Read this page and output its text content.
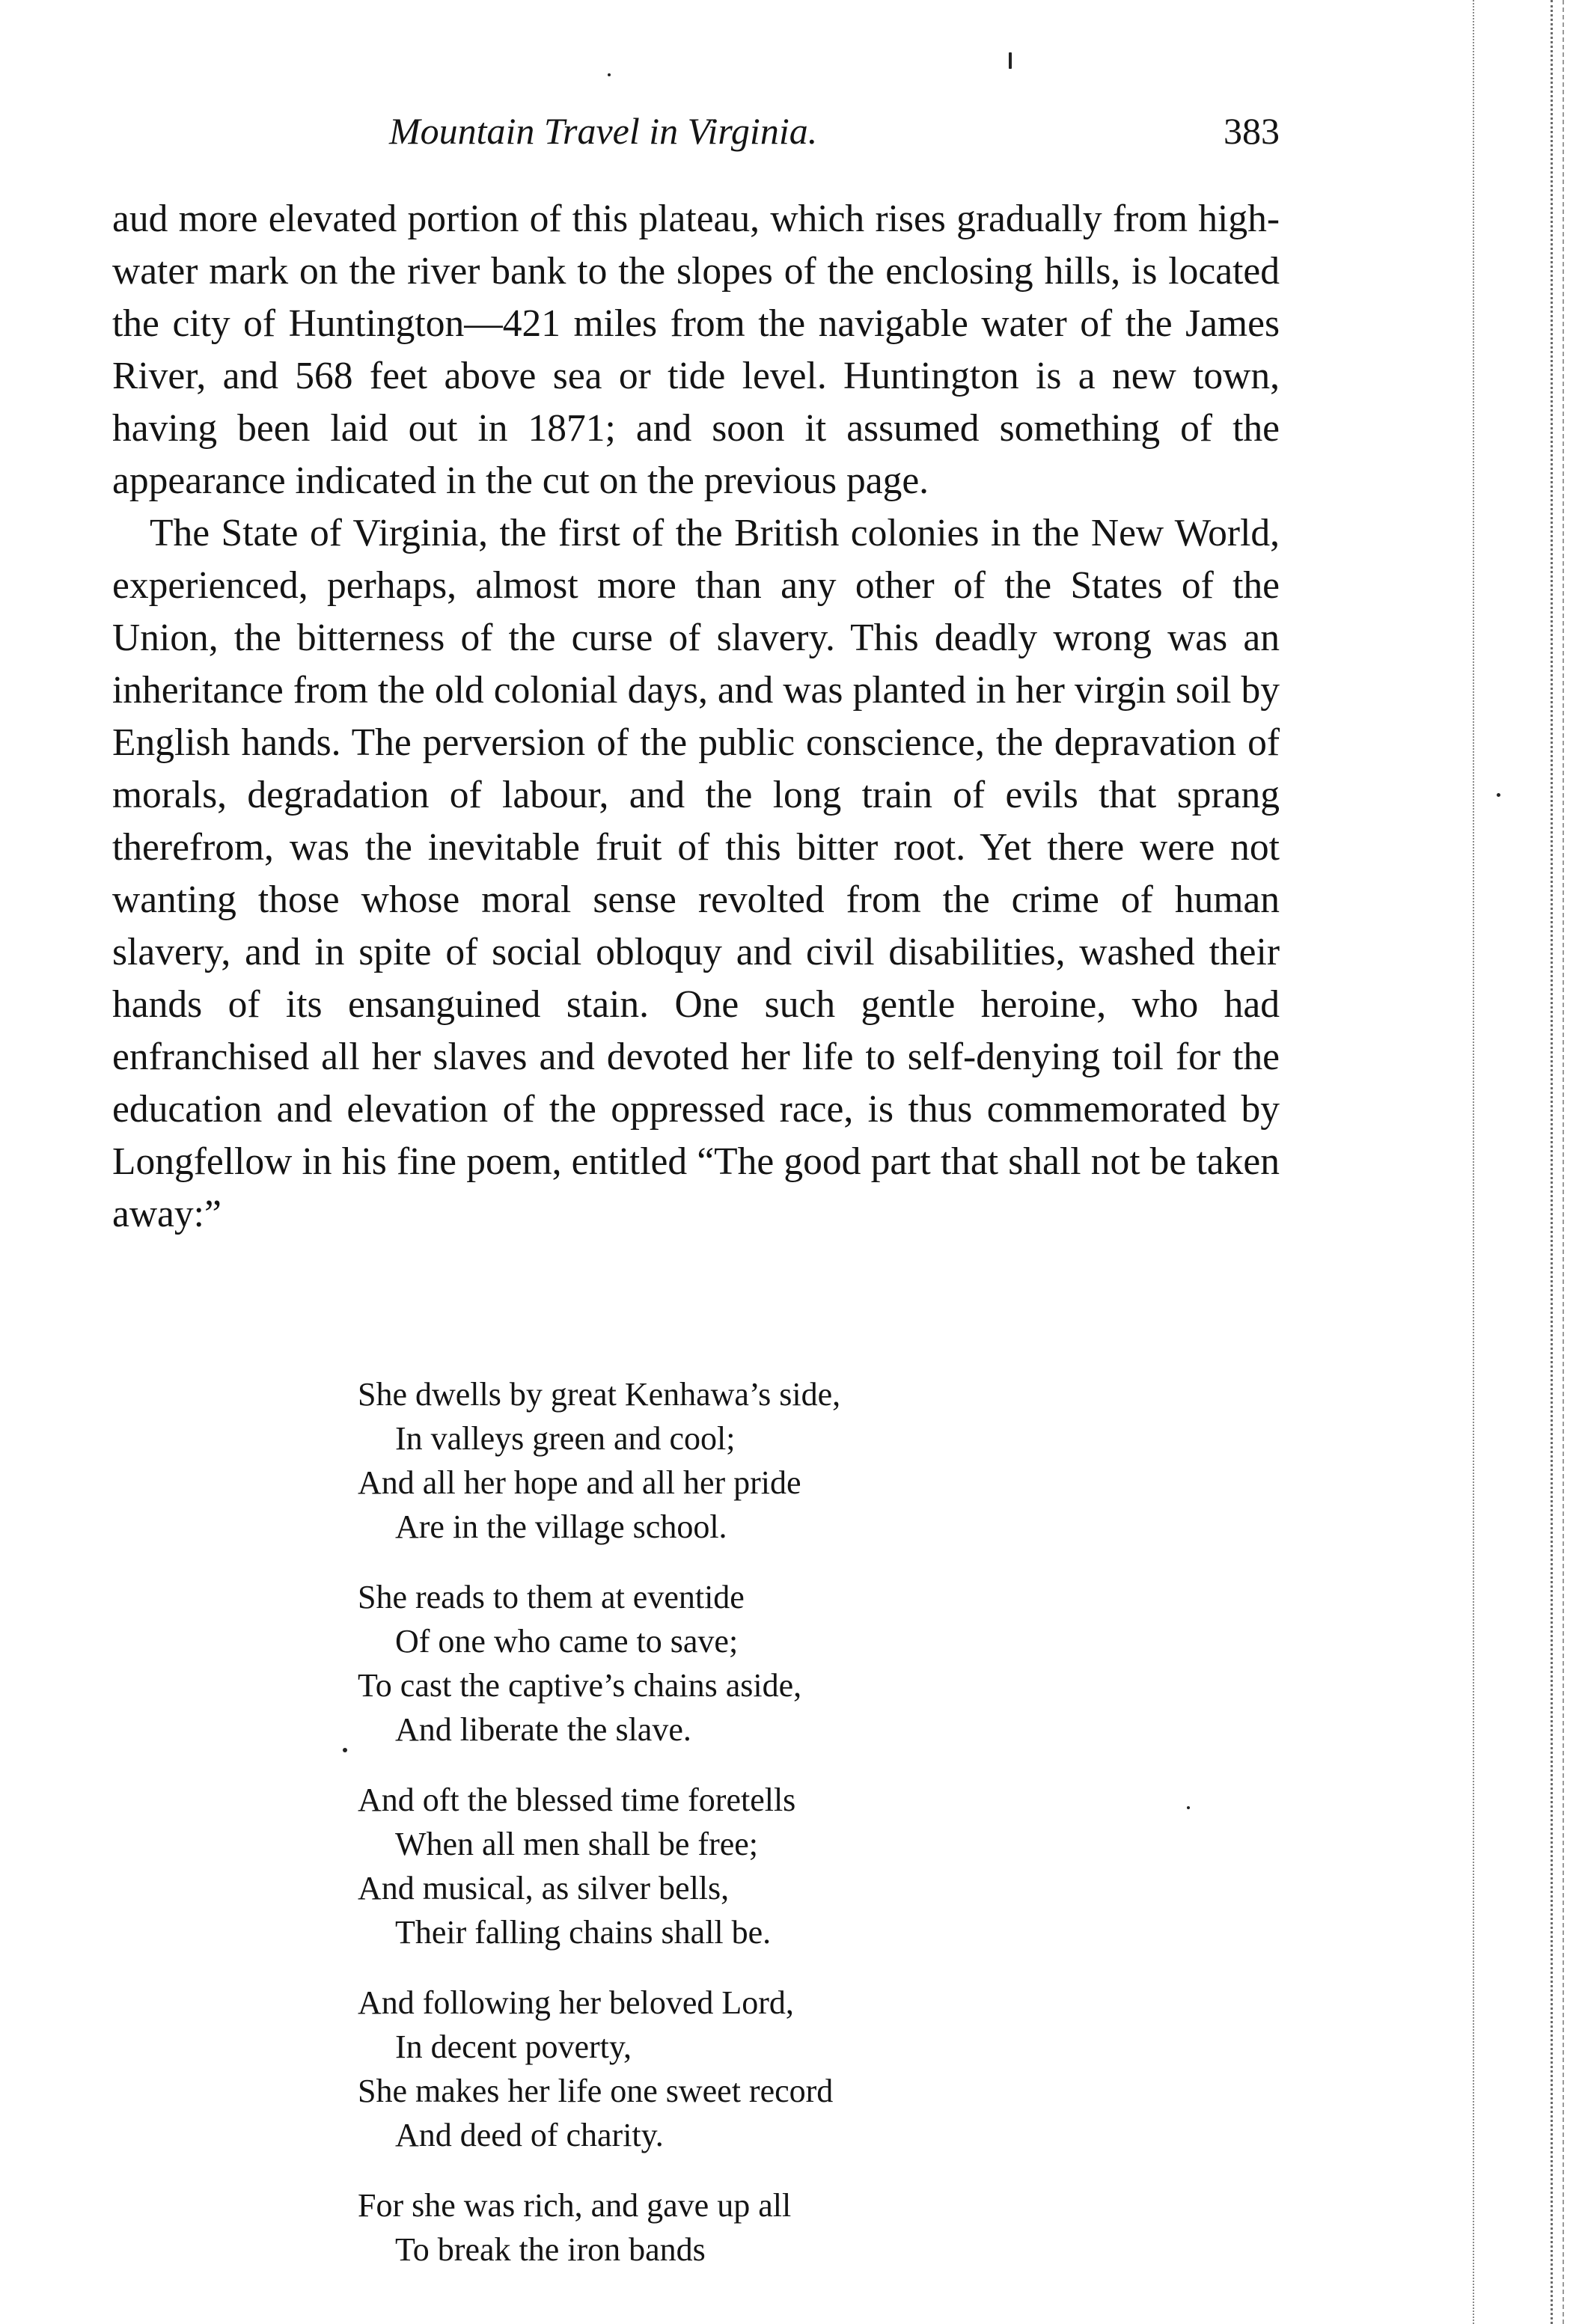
Mountain Travel in Virginia.	383

aud more elevated portion of this plateau, which rises gradually from high-water mark on the river bank to the slopes of the enclosing hills, is located the city of Huntington—421 miles from the navigable water of the James River, and 568 feet above sea or tide level. Huntington is a new town, having been laid out in 1871; and soon it assumed something of the appearance indicated in the cut on the previous page.

The State of Virginia, the first of the British colonies in the New World, experienced, perhaps, almost more than any other of the States of the Union, the bitterness of the curse of slavery. This deadly wrong was an inheritance from the old colonial days, and was planted in her virgin soil by English hands. The perversion of the public conscience, the depravation of morals, degradation of labour, and the long train of evils that sprang therefrom, was the inevitable fruit of this bitter root. Yet there were not wanting those whose moral sense revolted from the crime of human slavery, and in spite of social obloquy and civil disabilities, washed their hands of its ensanguined stain. One such gentle heroine, who had enfranchised all her slaves and devoted her life to self-denying toil for the education and elevation of the oppressed race, is thus commemorated by Longfellow in his fine poem, entitled “The good part that shall not be taken away:”

She dwells by great Kenhawa’s side,
In valleys green and cool;
And all her hope and all her pride
Are in the village school.
She reads to them at eventide
Of one who came to save;
To cast the captive’s chains aside,
And liberate the slave.
And oft the blessed time foretells
When all men shall be free;
And musical, as silver bells,
Their falling chains shall be.
And following her beloved Lord,
In decent poverty,
She makes her life one sweet record
And deed of charity.
For she was rich, and gave up all
To break the iron bands
